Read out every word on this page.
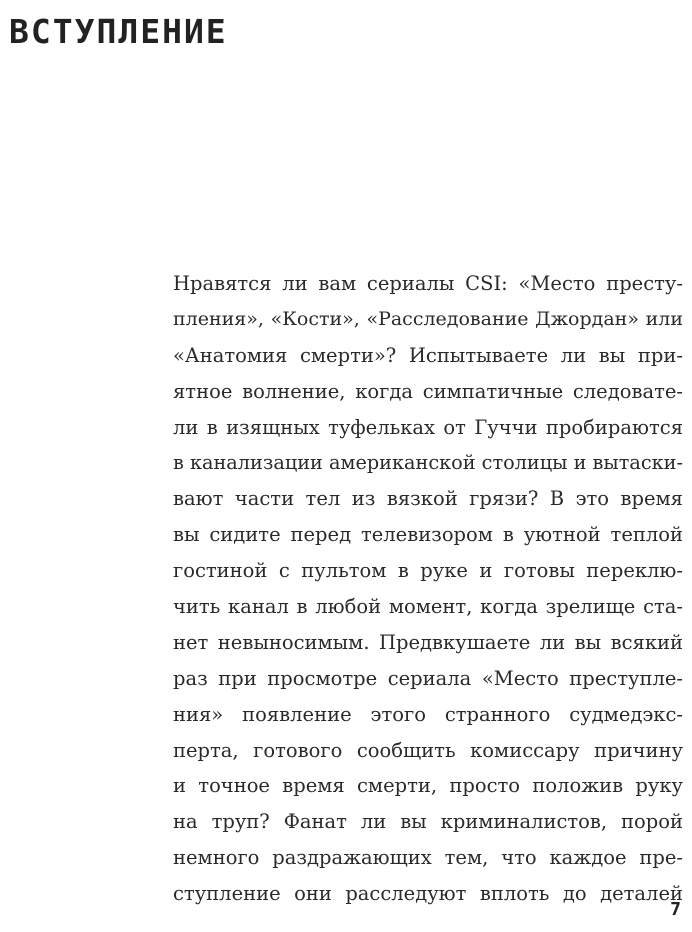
ВСТУПЛЕНИЕ
Нравятся ли вам сериалы CSI: «Место престу-
пления», «Кости», «Расследование Джордан» или
«Анатомия смерти»? Испытываете ли вы при-
ятное волнение, когда симпатичные следовате-
ли в изящных туфельках от Гуччи пробираются
в канализации американской столицы и вытаски-
вают части тел из вязкой грязи? В это время
вы сидите перед телевизором в уютной теплой
гостиной с пультом в руке и готовы переклю-
чить канал в любой момент, когда зрелище ста-
нет невыносимым. Предвкушаете ли вы всякий
раз при просмотре сериала «Место преступле-
ния» появление этого странного судмедэкс-
перта, готового сообщить комиссару причину
и точное время смерти, просто положив руку
на труп? Фанат ли вы криминалистов, порой
немного раздражающих тем, что каждое пре-
ступление они расследуют вплоть до деталей
7
